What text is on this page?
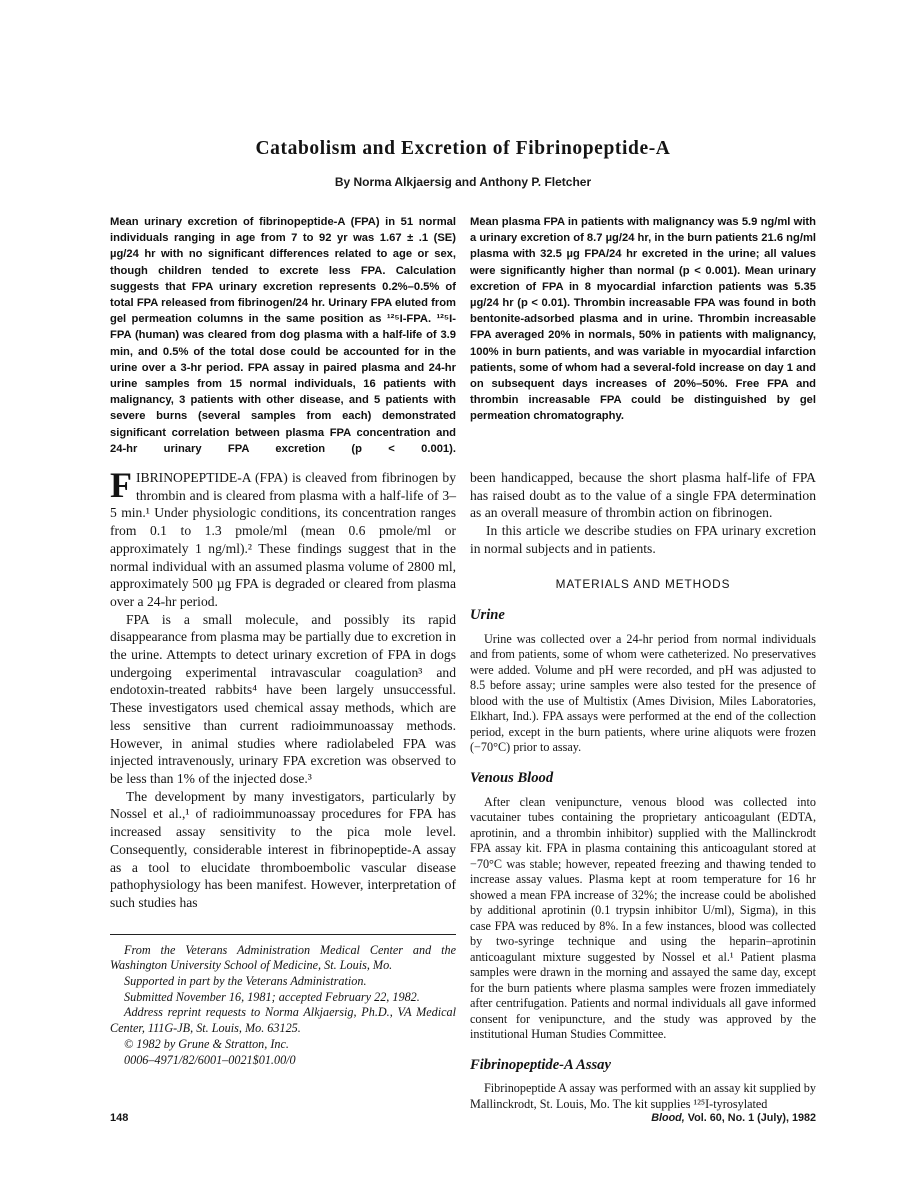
Catabolism and Excretion of Fibrinopeptide-A
By Norma Alkjaersig and Anthony P. Fletcher
Mean urinary excretion of fibrinopeptide-A (FPA) in 51 normal individuals ranging in age from 7 to 92 yr was 1.67 ± .1 (SE) µg/24 hr with no significant differences related to age or sex, though children tended to excrete less FPA. Calculation suggests that FPA urinary excretion represents 0.2%–0.5% of total FPA released from fibrinogen/24 hr. Urinary FPA eluted from gel permeation columns in the same position as ¹²⁵I-FPA. ¹²⁵I-FPA (human) was cleared from dog plasma with a half-life of 3.9 min, and 0.5% of the total dose could be accounted for in the urine over a 3-hr period. FPA assay in paired plasma and 24-hr urine samples from 15 normal individuals, 16 patients with malignancy, 3 patients with other disease, and 5 patients with severe burns (several samples from each) demonstrated significant correlation between plasma FPA concentration and 24-hr urinary FPA excretion (p < 0.001).
Mean plasma FPA in patients with malignancy was 5.9 ng/ml with a urinary excretion of 8.7 µg/24 hr, in the burn patients 21.6 ng/ml plasma with 32.5 µg FPA/24 hr excreted in the urine; all values were significantly higher than normal (p < 0.001). Mean urinary excretion of FPA in 8 myocardial infarction patients was 5.35 µg/24 hr (p < 0.01). Thrombin increasable FPA was found in both bentonite-adsorbed plasma and in urine. Thrombin increasable FPA averaged 20% in normals, 50% in patients with malignancy, 100% in burn patients, and was variable in myocardial infarction patients, some of whom had a several-fold increase on day 1 and on subsequent days increases of 20%–50%. Free FPA and thrombin increasable FPA could be distinguished by gel permeation chromatography.

FIBRINOPEPTIDE-A (FPA) is cleaved from fibrinogen by thrombin and is cleared from plasma with a half-life of 3–5 min.¹ Under physiologic conditions, its concentration ranges from 0.1 to 1.3 pmole/ml (mean 0.6 pmole/ml or approximately 1 ng/ml).² These findings suggest that in the normal individual with an assumed plasma volume of 2800 ml, approximately 500 µg FPA is degraded or cleared from plasma over a 24-hr period.

FPA is a small molecule, and possibly its rapid disappearance from plasma may be partially due to excretion in the urine. Attempts to detect urinary excretion of FPA in dogs undergoing experimental intravascular coagulation³ and endotoxin-treated rabbits⁴ have been largely unsuccessful. These investigators used chemical assay methods, which are less sensitive than current radioimmunoassay methods. However, in animal studies where radiolabeled FPA was injected intravenously, urinary FPA excretion was observed to be less than 1% of the injected dose.³

The development by many investigators, particularly by Nossel et al.,¹ of radioimmunoassay procedures for FPA has increased assay sensitivity to the pica mole level. Consequently, considerable interest in fibrinopeptide-A assay as a tool to elucidate thromboembolic vascular disease pathophysiology has been manifest. However, interpretation of such studies has

From the Veterans Administration Medical Center and the Washington University School of Medicine, St. Louis, Mo.

Supported in part by the Veterans Administration.

Submitted November 16, 1981; accepted February 22, 1982.

Address reprint requests to Norma Alkjaersig, Ph.D., VA Medical Center, 111G-JB, St. Louis, Mo. 63125.

© 1982 by Grune & Stratton, Inc.

0006–4971/82/6001–0021$01.00/0

been handicapped, because the short plasma half-life of FPA has raised doubt as to the value of a single FPA determination as an overall measure of thrombin action on fibrinogen.

In this article we describe studies on FPA urinary excretion in normal subjects and in patients.

MATERIALS AND METHODS
Urine

Urine was collected over a 24-hr period from normal individuals and from patients, some of whom were catheterized. No preservatives were added. Volume and pH were recorded, and pH was adjusted to 8.5 before assay; urine samples were also tested for the presence of blood with the use of Multistix (Ames Division, Miles Laboratories, Elkhart, Ind.). FPA assays were performed at the end of the collection period, except in the burn patients, where urine aliquots were frozen (−70°C) prior to assay.

Venous Blood

After clean venipuncture, venous blood was collected into vacutainer tubes containing the proprietary anticoagulant (EDTA, aprotinin, and a thrombin inhibitor) supplied with the Mallinckrodt FPA assay kit. FPA in plasma containing this anticoagulant stored at −70°C was stable; however, repeated freezing and thawing tended to increase assay values. Plasma kept at room temperature for 16 hr showed a mean FPA increase of 32%; the increase could be abolished by additional aprotinin (0.1 trypsin inhibitor U/ml), Sigma), in this case FPA was reduced by 8%. In a few instances, blood was collected by two-syringe technique and using the heparin–aprotinin anticoagulant mixture suggested by Nossel et al.¹ Patient plasma samples were drawn in the morning and assayed the same day, except for the burn patients where plasma samples were frozen immediately after centrifugation. Patients and normal individuals all gave informed consent for venipuncture, and the study was approved by the institutional Human Studies Committee.

Fibrinopeptide-A Assay

Fibrinopeptide A assay was performed with an assay kit supplied by Mallinckrodt, St. Louis, Mo. The kit supplies ¹²⁵I-tyrosylated

148	Blood, Vol. 60, No. 1 (July), 1982
